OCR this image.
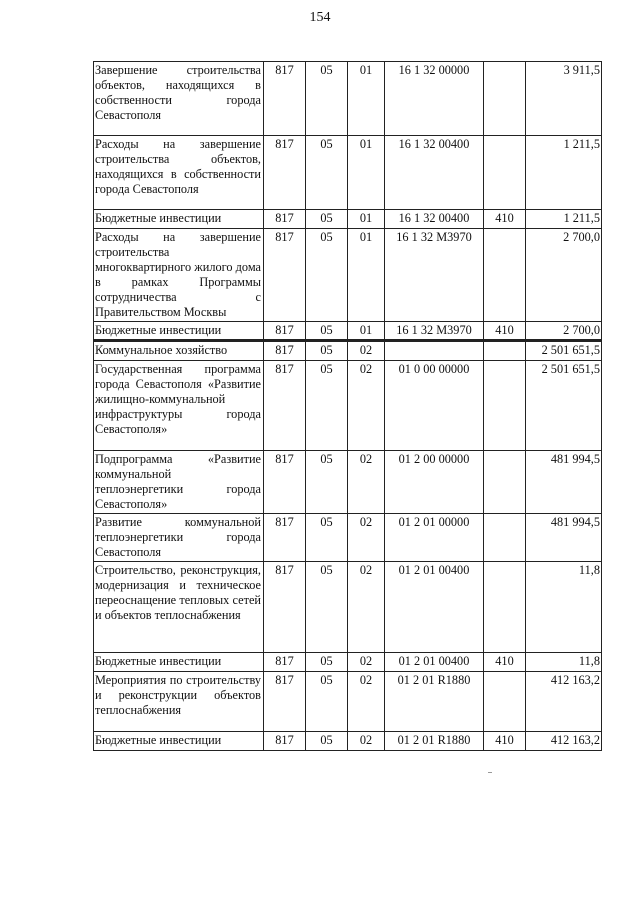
154
Завершение строительства объектов, находящихся в собственности города Севастополя	817	05	01	16 1 32 00000		3 911,5
Расходы на завершение строительства объектов, находящихся в собственности города Севастополя	817	05	01	16 1 32 00400		1 211,5
Бюджетные инвестиции	817	05	01	16 1 32 00400	410	1 211,5
Расходы на завершение строительства многоквартирного жилого дома в рамках Программы сотрудничества с Правительством Москвы	817	05	01	16 1 32 М3970		2 700,0
Бюджетные инвестиции	817	05	01	16 1 32 М3970	410	2 700,0
Коммунальное хозяйство	817	05	02			2 501 651,5
Государственная программа города Севастополя «Развитие жилищно-коммунальной инфраструктуры города Севастополя»	817	05	02	01 0 00 00000		2 501 651,5
Подпрограмма «Развитие коммунальной теплоэнергетики города Севастополя»	817	05	02	01 2 00 00000		481 994,5
Развитие коммунальной теплоэнергетики города Севастополя	817	05	02	01 2 01 00000		481 994,5
Строительство, реконструкция, модернизация и техническое переоснащение тепловых сетей и объектов теплоснабжения	817	05	02	01 2 01 00400		11,8
Бюджетные инвестиции	817	05	02	01 2 01 00400	410	11,8
Мероприятия по строительству и реконструкции объектов теплоснабжения	817	05	02	01 2 01 R1880		412 163,2
Бюджетные инвестиции	817	05	02	01 2 01 R1880	410	412 163,2
